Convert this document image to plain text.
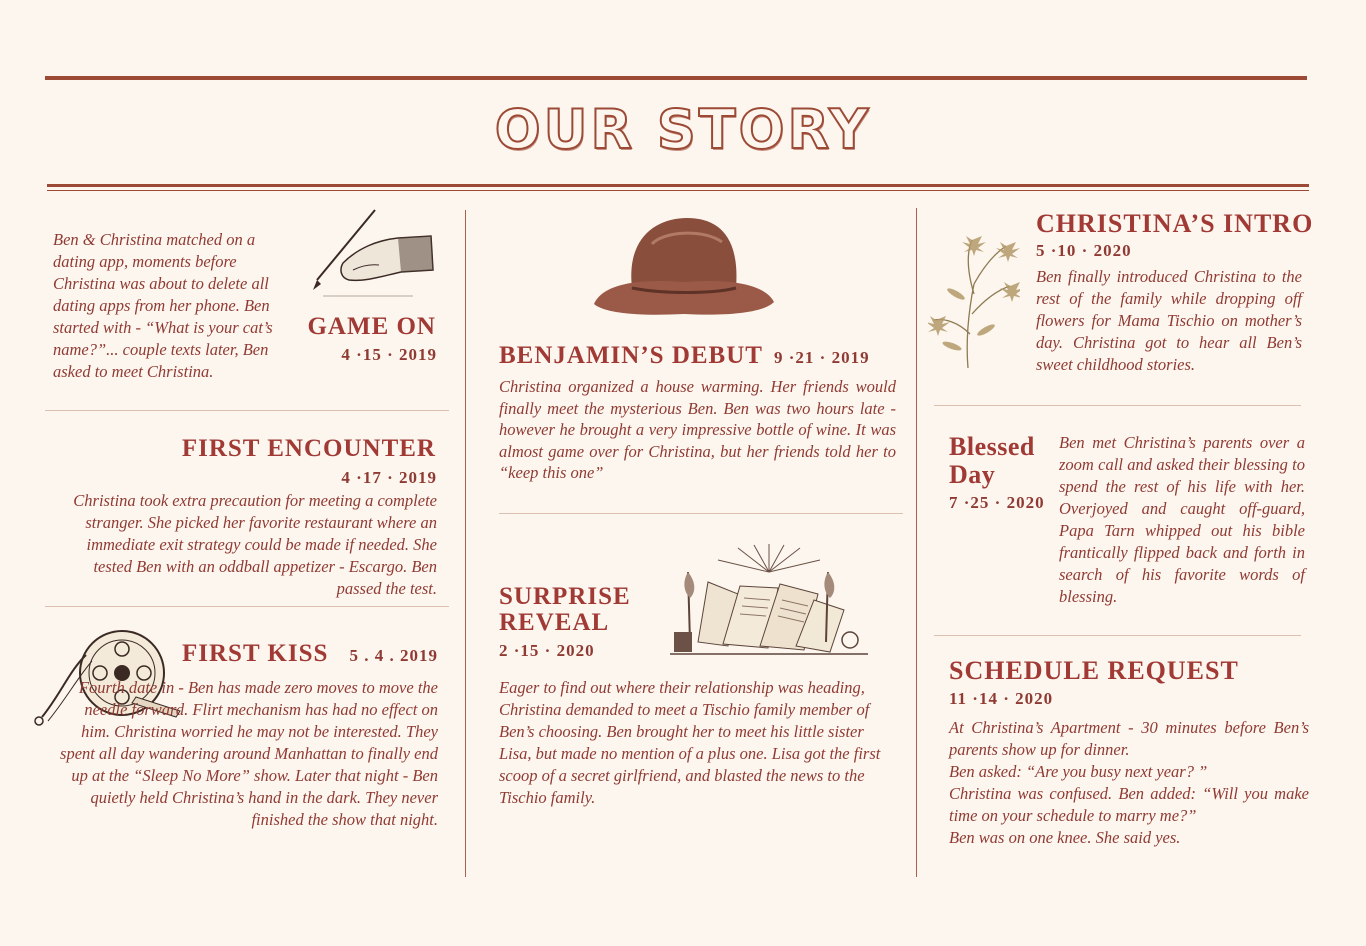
OUR STORY

Ben & Christina matched on a dating app, moments before Christina was about to delete all dating apps from her phone. Ben started with - “What is your cat’s name?”... couple texts later, Ben asked to meet Christina.

GAME ON
4 ·15 · 2019
FIRST ENCOUNTER
4 ·17 · 2019

Christina took extra precaution for meeting a complete stranger. She picked her favorite restaurant where an immediate exit strategy could be made if needed. She tested Ben with an oddball appetizer - Escargo. Ben passed the test.

FIRST KISS 5 . 4 . 2019

Fourth date in - Ben has made zero moves to move the needle forward. Flirt mechanism has had no effect on him. Christina worried he may not be interested. They spent all day wandering around Manhattan to finally end up at the “Sleep No More” show. Later that night - Ben quietly held Christina’s hand in the dark. They never finished the show that night.

BENJAMIN’S DEBUT 9 ·21 · 2019

Christina organized a house warming. Her friends would finally meet the mysterious Ben. Ben was two hours late - however he brought a very impressive bottle of wine. It was almost game over for Christina, but her friends told her to “keep this one”

SURPRISE
REVEAL
2 ·15 · 2020

Eager to find out where their relationship was heading, Christina demanded to meet a Tischio family member of Ben’s choosing. Ben brought her to meet his little sister Lisa, but made no mention of a plus one. Lisa got the first scoop of a secret girlfriend, and blasted the news to the Tischio family.

CHRISTINA’S INTRO
5 ·10 · 2020

Ben finally introduced Christina to the rest of the family while dropping off flowers for Mama Tischio on mother’s day. Christina got to hear all Ben’s sweet childhood stories.

Blessed
Day
7 ·25 · 2020

Ben met Christina’s parents over a zoom call and asked their blessing to spend the rest of his life with her. Overjoyed and caught off-guard, Papa Tarn whipped out his bible frantically flipped back and forth in search of his favorite words of blessing.

SCHEDULE REQUEST
11 ·14 · 2020
At Christina’s Apartment - 30 minutes before Ben’s parents show up for dinner.
Ben asked: “Are you busy next year? ”
Christina was confused. Ben added: “Will you make time on your schedule to marry me?”
Ben was on one knee. She said yes.
